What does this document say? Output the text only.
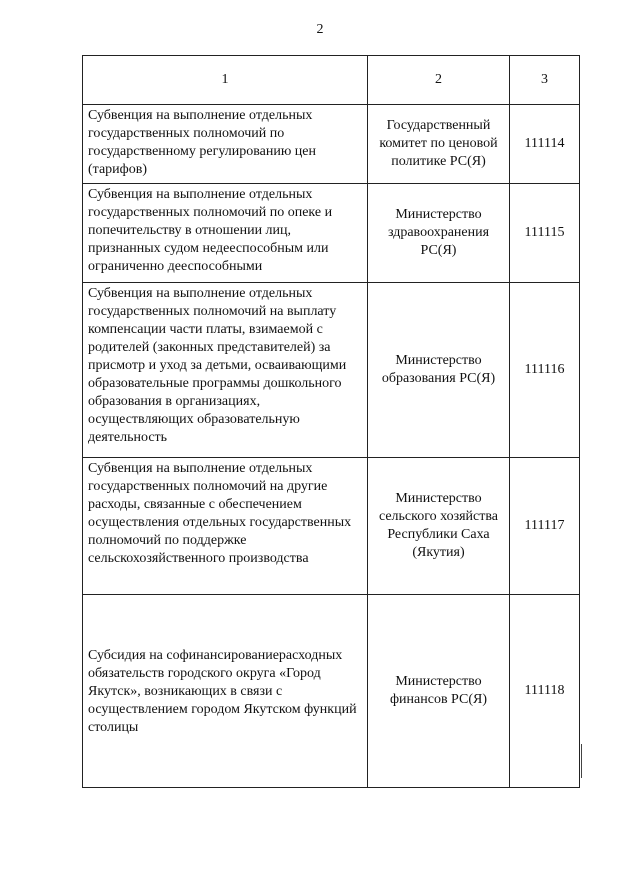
2
1	2	3
Субвенция на выполнение отдельных государственных полномочий по государственному регулированию цен (тарифов)	Государственный комитет по ценовой политике РС(Я)	111114
Субвенция на выполнение отдельных государственных полномочий по опеке и попечительству в отношении лиц, признанных судом недееспособным или ограниченно дееспособными	Министерство здравоохранения РС(Я)	111115
Субвенция на выполнение отдельных государственных полномочий на выплату компенсации части платы, взимаемой с родителей (законных представителей) за присмотр и уход за детьми, осваивающими образовательные программы дошкольного образования в организациях, осуществляющих образовательную деятельность	Министерство образования РС(Я)	111116
Субвенция на выполнение отдельных государственных полномочий на другие расходы, связанные с обеспечением осуществления отдельных государственных полномочий по поддержке сельскохозяйственного производства	Министерство сельского хозяйства Республики Саха (Якутия)	111117
Субсидия на софинансированиерасходных обязательств городского округа «Город Якутск», возникающих в связи с осуществлением городом Якутском функций столицы	Министерство финансов РС(Я)	111118
